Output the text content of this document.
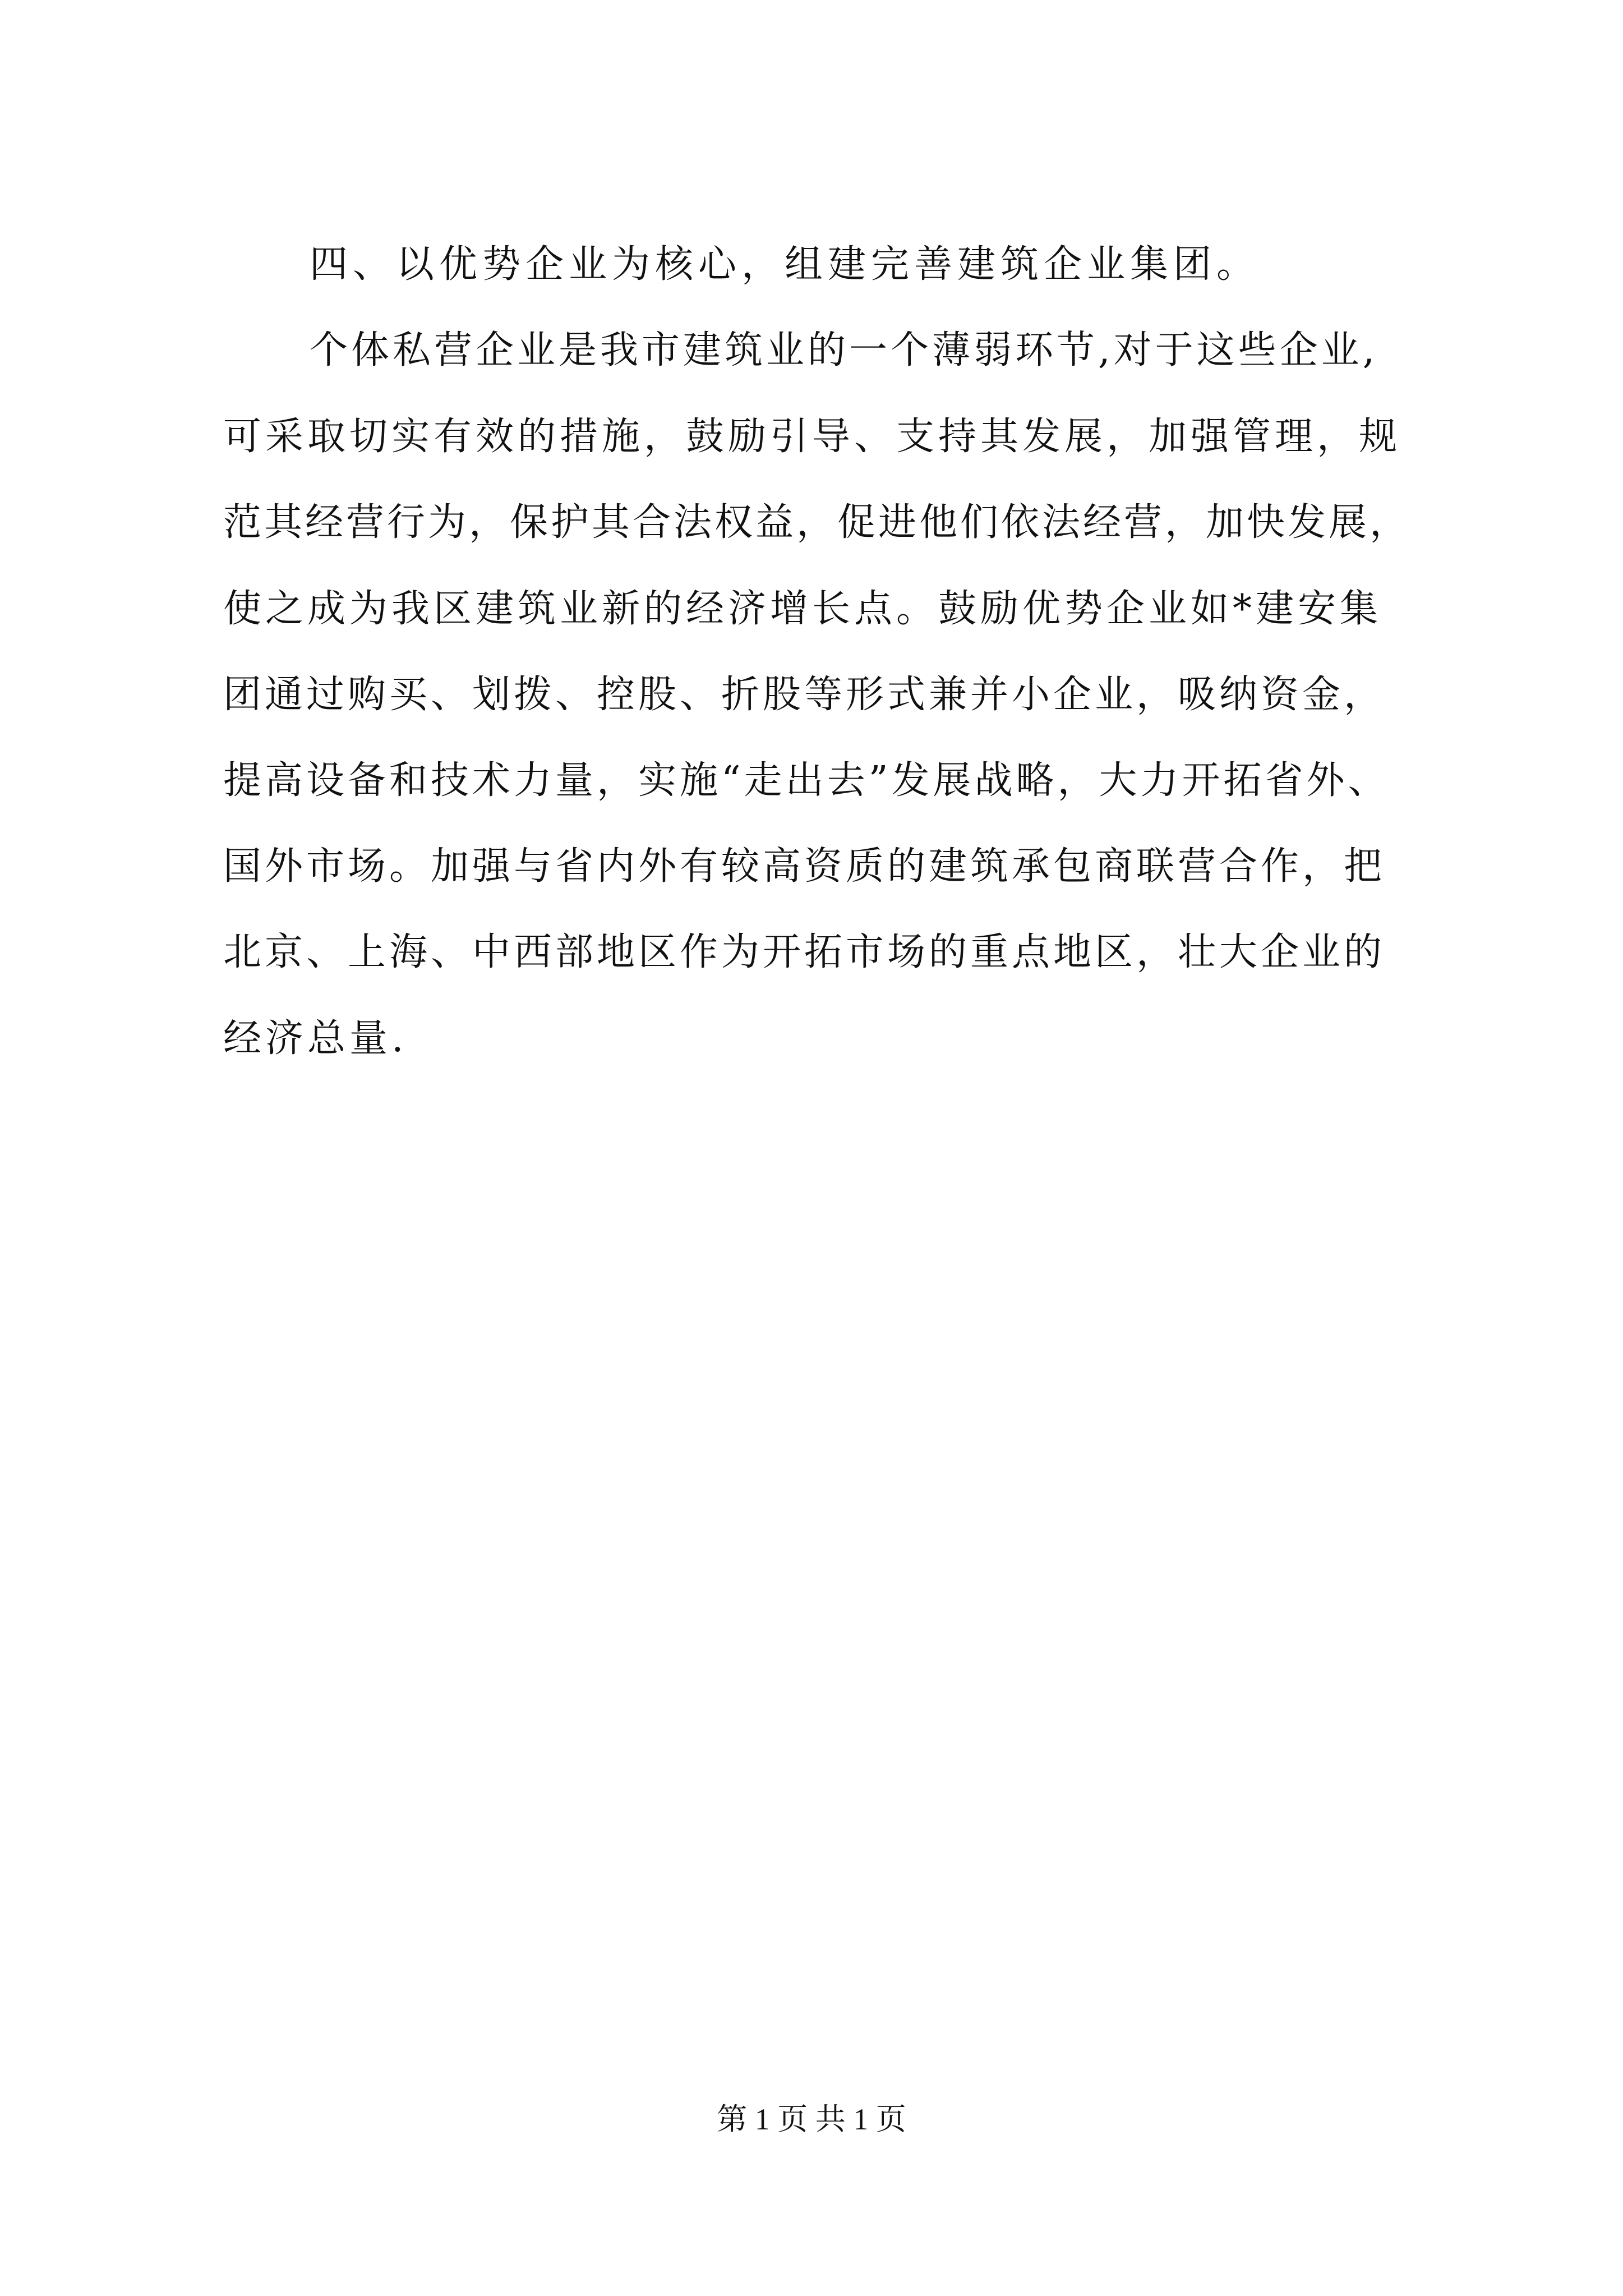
四、以优势企业为核心，组建完善建筑企业集团。
个体私营企业是我市建筑业的一个薄弱环节,对于这些企业,
可采取切实有效的措施，鼓励引导、支持其发展，加强管理，规
范其经营行为，保护其合法权益，促进他们依法经营，加快发展，
使之成为我区建筑业新的经济增长点。鼓励优势企业如*建安集
团通过购买、划拨、控股、折股等形式兼并小企业，吸纳资金，
提高设备和技术力量，实施“走出去”发展战略，大力开拓省外、
国外市场。加强与省内外有较高资质的建筑承包商联营合作，把
北京、上海、中西部地区作为开拓市场的重点地区，壮大企业的
经济总量.
第 1 页 共 1 页
